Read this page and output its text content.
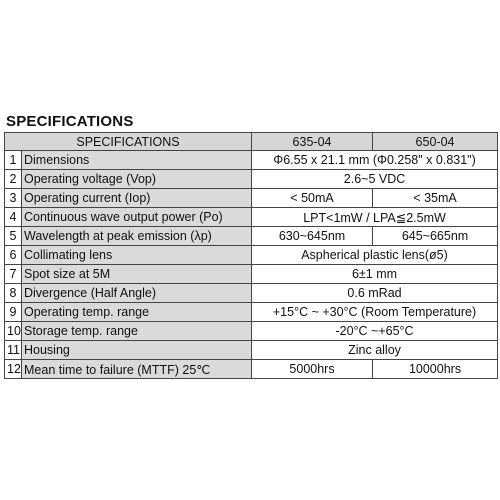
SPECIFICATIONS
SPECIFICATIONS		635-04	650-04
1	Dimensions	Φ6.55 x 21.1 mm (Φ0.258" x 0.831")	
2	Operating voltage (Vop)	2.6~5 VDC	
3	Operating current (Iop)	< 50mA	< 35mA
4	Continuous wave output power (Po)	LPT<1mW / LPA≦2.5mW	
5	Wavelength at peak emission (λp)	630~645nm	645~665nm
6	Collimating lens	Aspherical plastic lens(ø5)	
7	Spot size at 5M	6±1 mm	
8	Divergence (Half Angle)	0.6 mRad	
9	Operating temp. range	+15°C ~ +30°C (Room Temperature)	
10	Storage temp. range	-20°C ~+65°C	
11	Housing	Zinc alloy	
12	Mean time to failure (MTTF) 25℃	5000hrs	10000hrs
